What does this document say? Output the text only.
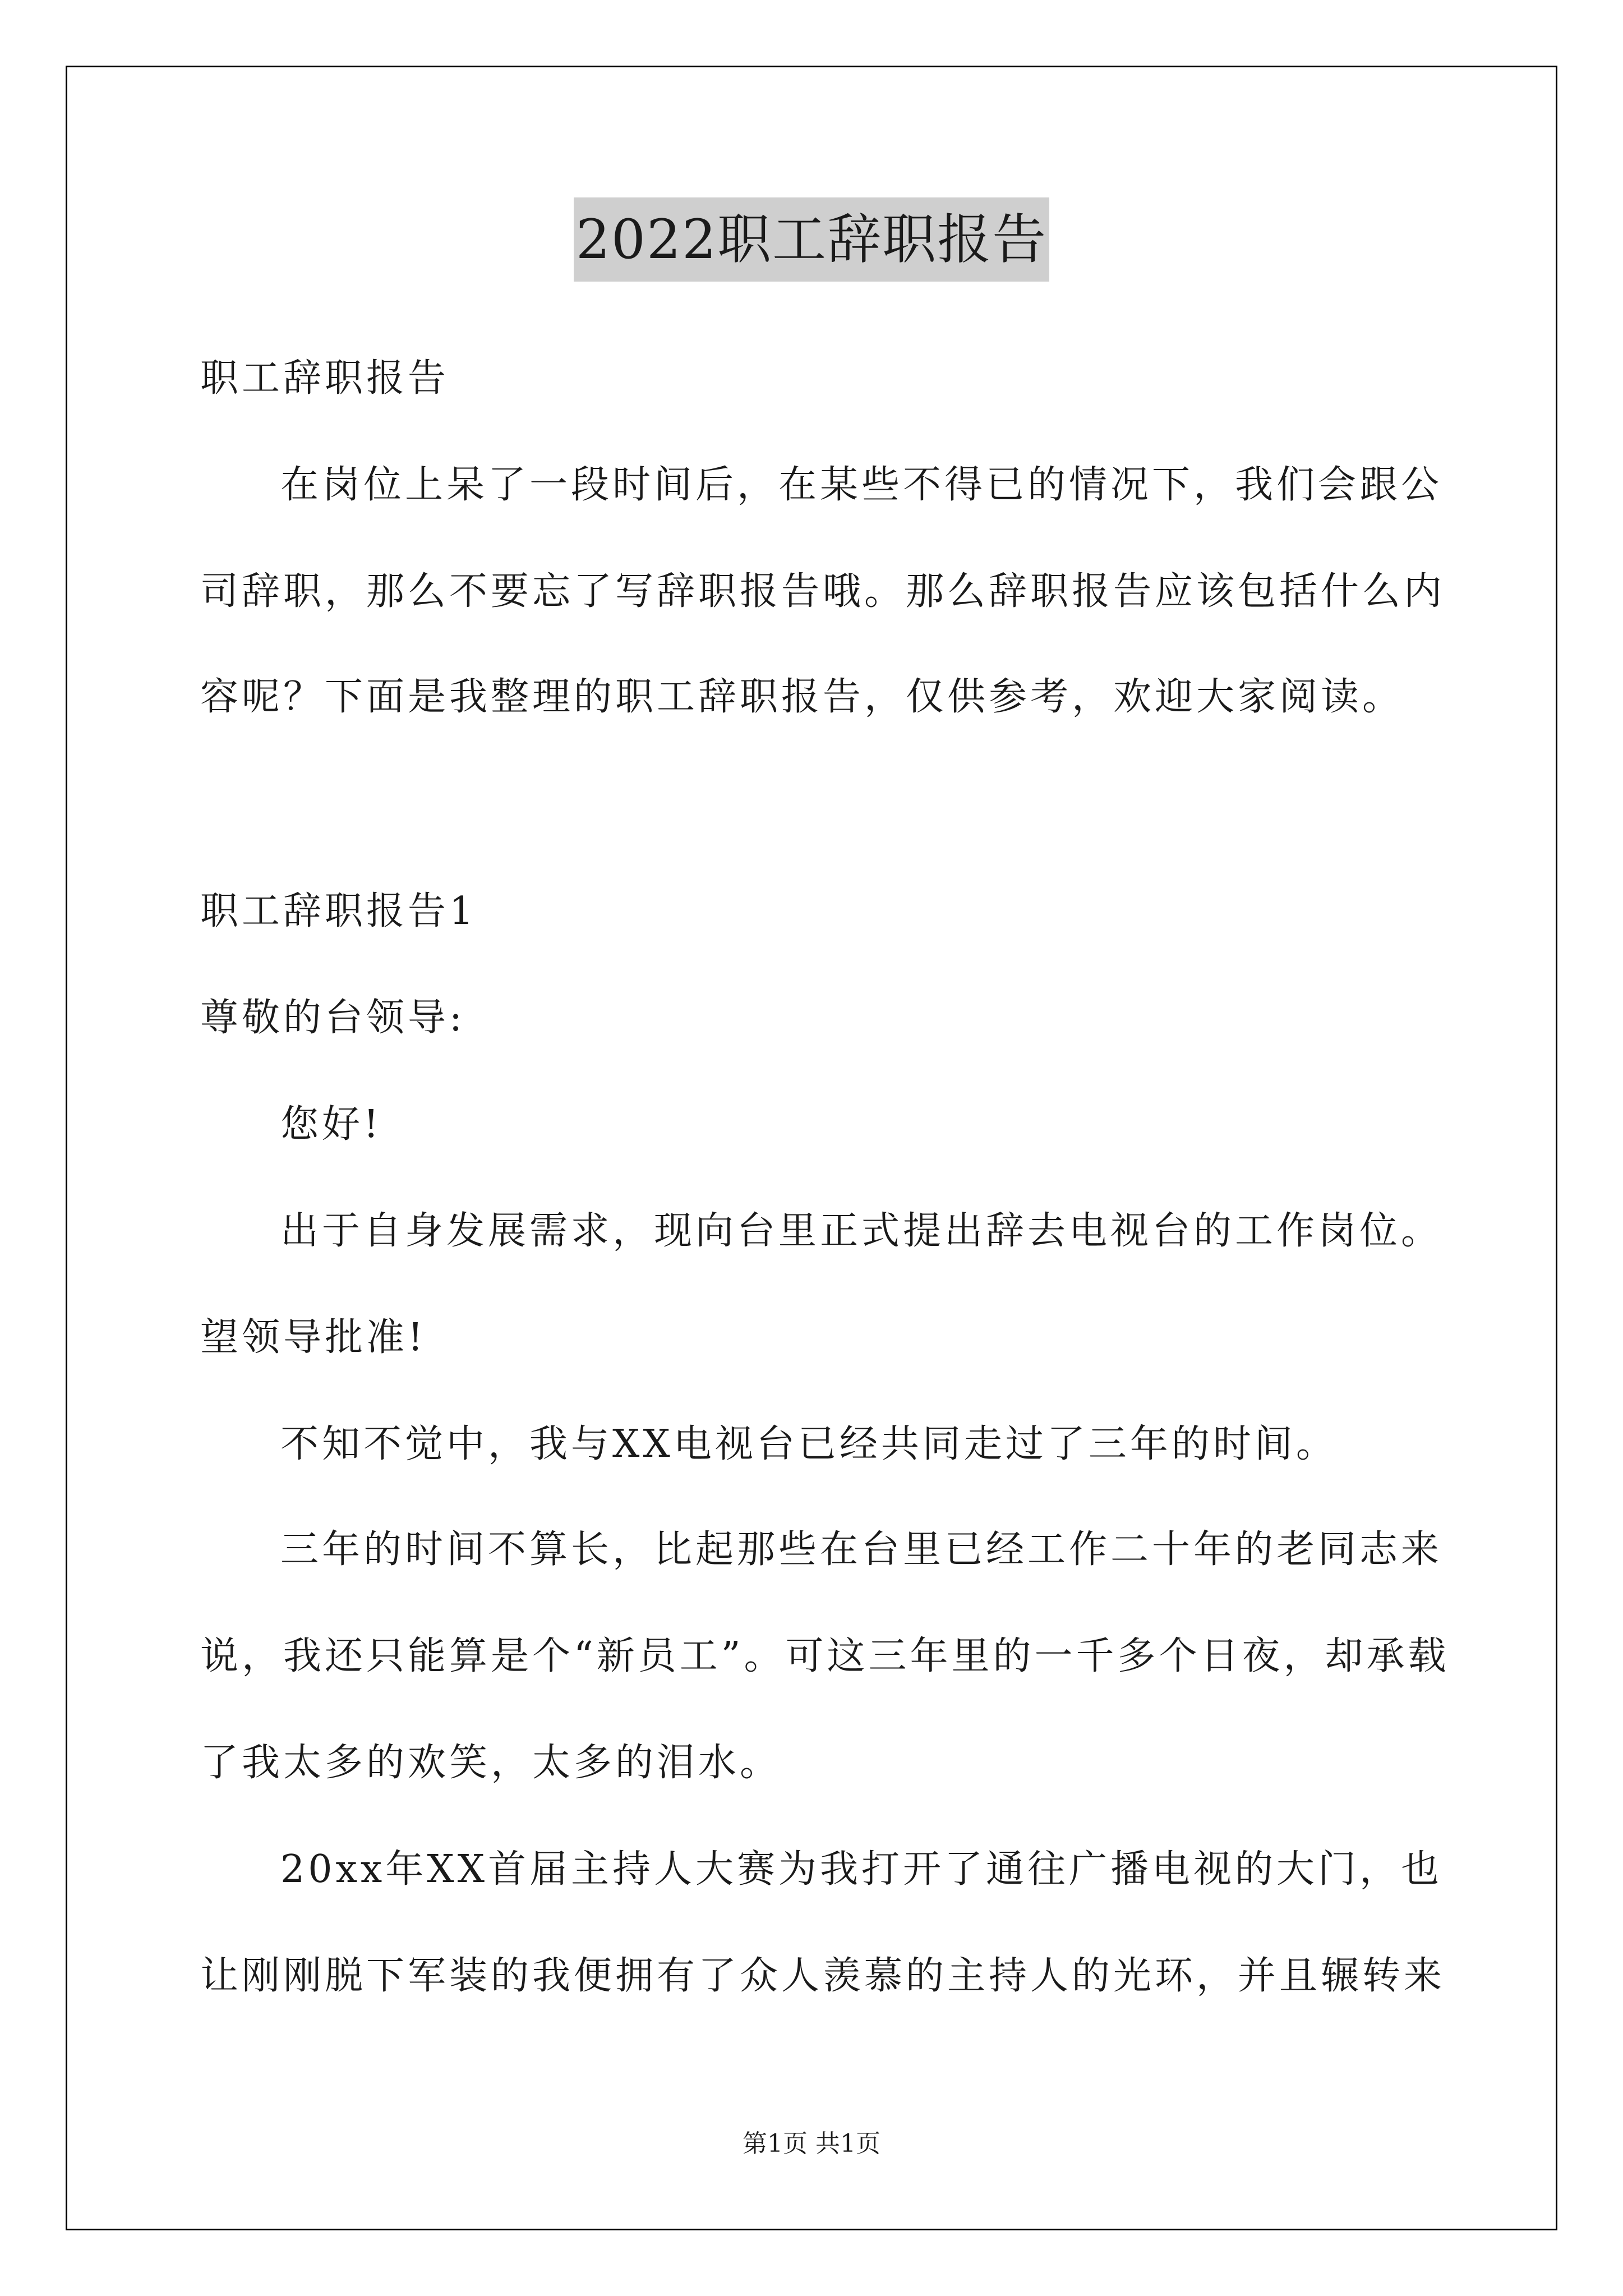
2022职工辞职报告
职工辞职报告
在岗位上呆了一段时间后，在某些不得已的情况下，我们会跟公
司辞职，那么不要忘了写辞职报告哦。那么辞职报告应该包括什么内
容呢？下面是我整理的职工辞职报告，仅供参考，欢迎大家阅读。
职工辞职报告1
尊敬的台领导:
您好!
出于自身发展需求，现向台里正式提出辞去电视台的工作岗位。
望领导批准!
不知不觉中，我与XX电视台已经共同走过了三年的时间。
三年的时间不算长，比起那些在台里已经工作二十年的老同志来
说，我还只能算是个“新员工”。可这三年里的一千多个日夜，却承载
了我太多的欢笑，太多的泪水。
20xx年XX首届主持人大赛为我打开了通往广播电视的大门，也
让刚刚脱下军装的我便拥有了众人羡慕的主持人的光环，并且辗转来
第1页 共1页
